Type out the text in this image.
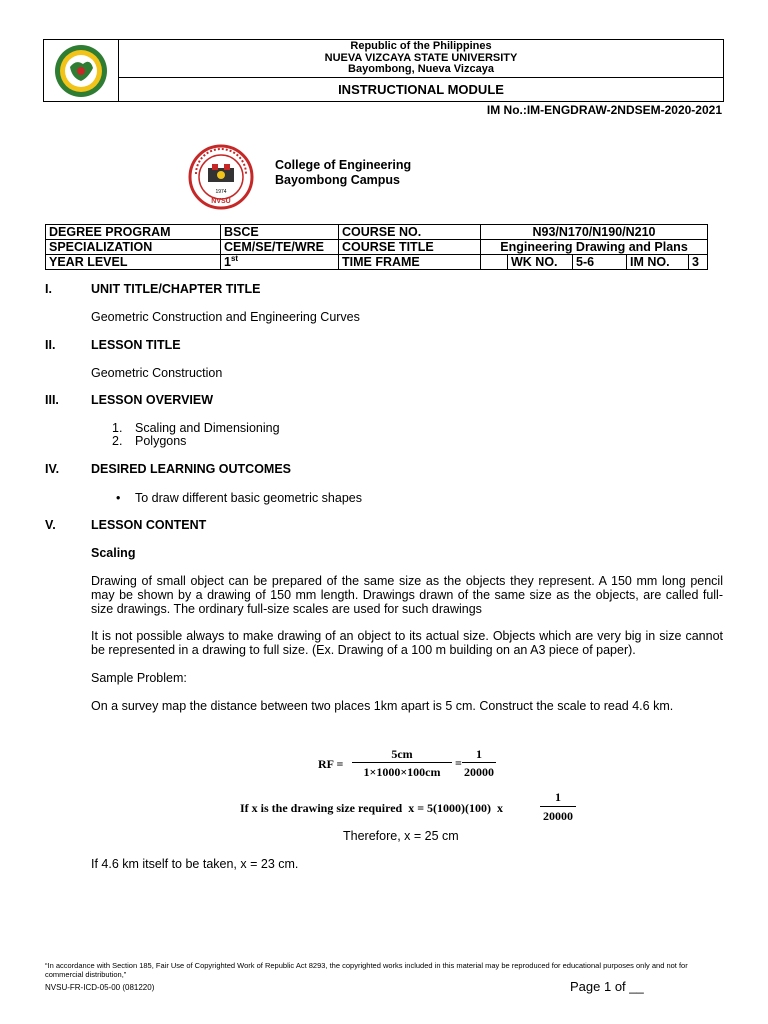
Republic of the Philippines
NUEVA VIZCAYA STATE UNIVERSITY
Bayombong, Nueva Vizcaya
INSTRUCTIONAL MODULE
IM No.:IM-ENGDRAW-2NDSEM-2020-2021
1974
NVSU
College of Engineering
Bayombong Campus
DEGREE PROGRAM	BSCE	COURSE NO.	N93/N170/N190/N210				
SPECIALIZATION	CEM/SE/TE/WRE	COURSE TITLE	Engineering Drawing and Plans				
YEAR LEVEL	1st	TIME FRAME		WK NO.	5-6	IM NO.	3
I.	UNIT TITLE/CHAPTER TITLE
Geometric Construction and Engineering Curves
II.	LESSON TITLE
Geometric Construction
III.	LESSON OVERVIEW
1. Scaling and Dimensioning
2. Polygons
IV.	DESIRED LEARNING OUTCOMES
• To draw different basic geometric shapes
V.	LESSON CONTENT
Scaling
Drawing of small object can be prepared of the same size as the objects they represent. A 150 mm long pencil may be shown by a drawing of 150 mm length. Drawings drawn of the same size as the objects, are called full-size drawings. The ordinary full-size scales are used for such drawings
It is not possible always to make drawing of an object to its actual size. Objects which are very big in size cannot be represented in a drawing to full size. (Ex. Drawing of a 100 m building on an A3 piece of paper).
Sample Problem:
On a survey map the distance between two places 1km apart is 5 cm. Construct the scale to read 4.6 km.
RF =
5cm
1×1000×100cm
=
1
20000
If x is the drawing size required  x = 5(1000)(100)  x
1
20000
Therefore, x = 25 cm
If 4.6 km itself to be taken, x = 23 cm.
“In accordance with Section 185, Fair Use of Copyrighted Work of Republic Act 8293, the copyrighted works included in this material may be reproduced for educational purposes only and not for commercial distribution,”
NVSU-FR-ICD-05-00 (081220)	Page 1 of __
